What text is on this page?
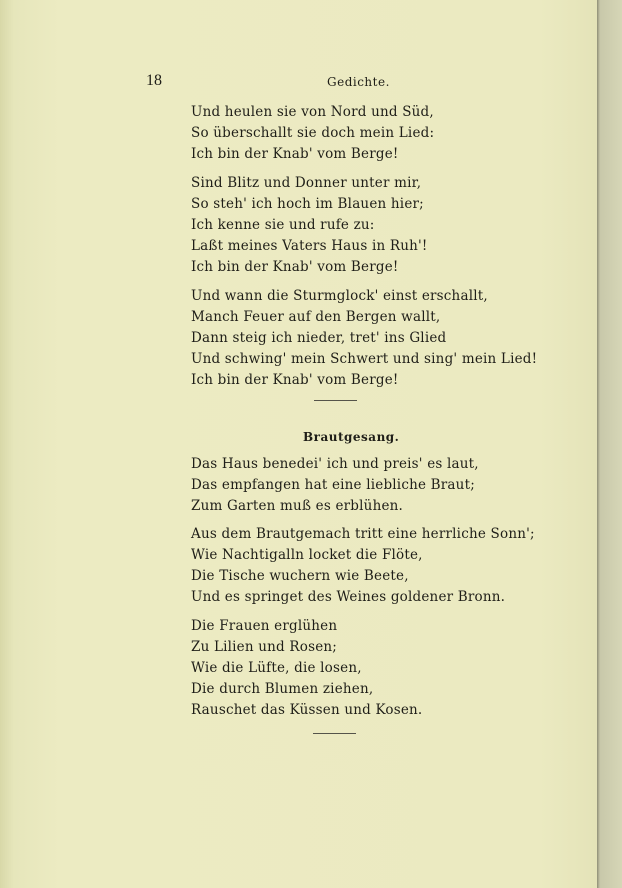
18	Gedichte.
Und heulen sie von Nord und Süd,
So überschallt sie doch mein Lied:
Ich bin der Knab' vom Berge!
Sind Blitz und Donner unter mir,
So steh' ich hoch im Blauen hier;
Ich kenne sie und rufe zu:
Laßt meines Vaters Haus in Ruh'!
Ich bin der Knab' vom Berge!
Und wann die Sturmglock' einst erschallt,
Manch Feuer auf den Bergen wallt,
Dann steig ich nieder, tret' ins Glied
Und schwing' mein Schwert und sing' mein Lied!
Ich bin der Knab' vom Berge!
Brautgesang.
Das Haus benedei' ich und preis' es laut,
Das empfangen hat eine liebliche Braut;
Zum Garten muß es erblühen.
Aus dem Brautgemach tritt eine herrliche Sonn';
Wie Nachtigalln locket die Flöte,
Die Tische wuchern wie Beete,
Und es springet des Weines goldener Bronn.
Die Frauen erglühen
Zu Lilien und Rosen;
Wie die Lüfte, die losen,
Die durch Blumen ziehen,
Rauschet das Küssen und Kosen.
